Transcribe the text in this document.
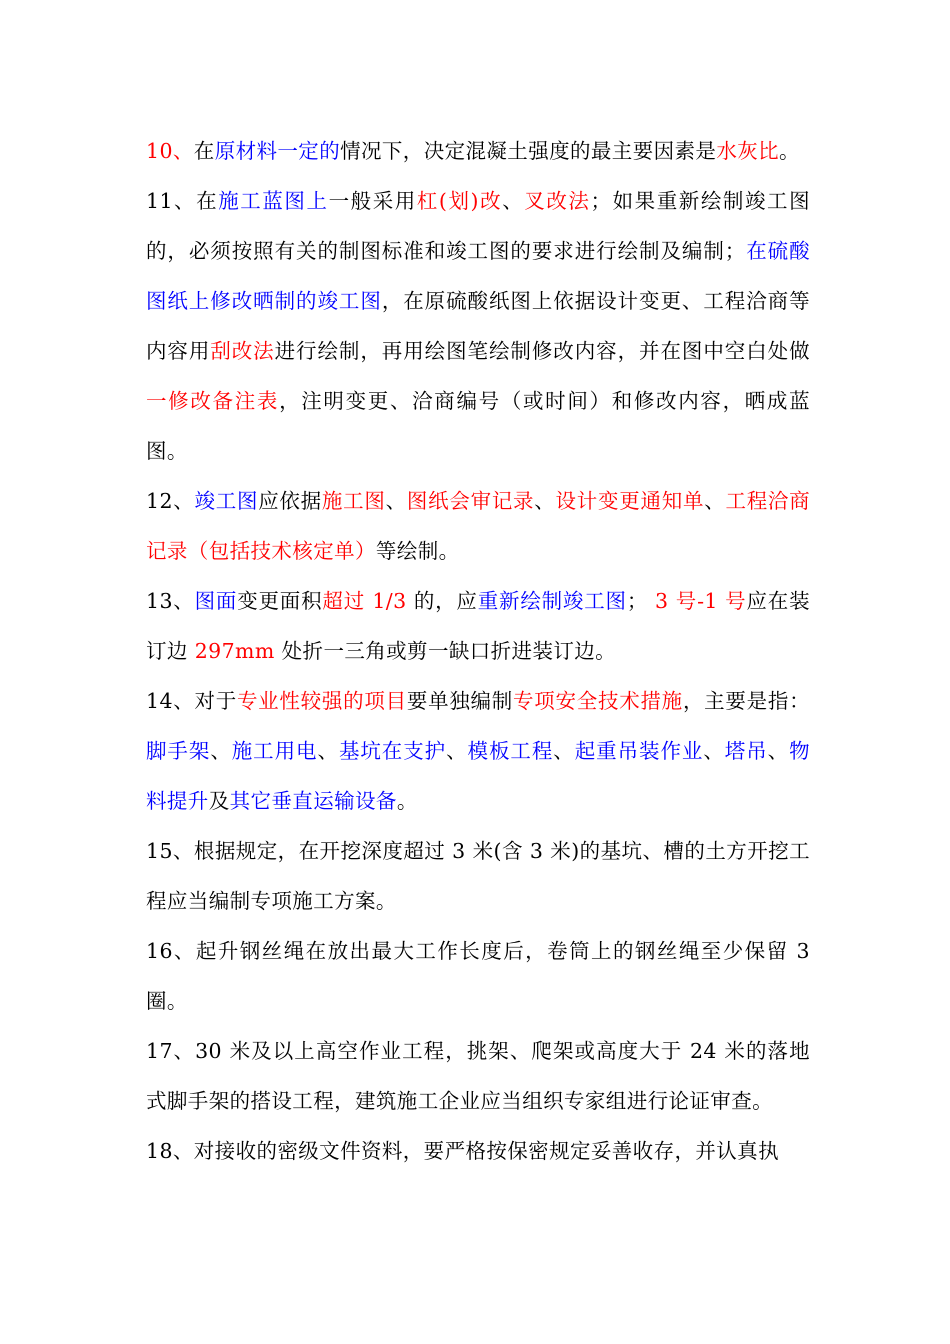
10、在原材料一定的情况下，决定混凝土强度的最主要因素是水灰比。

11、在施工蓝图上一般采用杠(划)改、叉改法；如果重新绘制竣工图的，必须按照有关的制图标准和竣工图的要求进行绘制及编制；在硫酸图纸上修改晒制的竣工图，在原硫酸纸图上依据设计变更、工程洽商等内容用刮改法进行绘制，再用绘图笔绘制修改内容，并在图中空白处做一修改备注表，注明变更、洽商编号（或时间）和修改内容，晒成蓝图。

12、竣工图应依据施工图、图纸会审记录、设计变更通知单、工程洽商记录（包括技术核定单）等绘制。

13、图面变更面积超过 1/3 的，应重新绘制竣工图； 3 号-1 号应在装订边 297mm 处折一三角或剪一缺口折进装订边。

14、对于专业性较强的项目要单独编制专项安全技术措施，主要是指：脚手架、施工用电、基坑在支护、模板工程、起重吊装作业、塔吊、物料提升及其它垂直运输设备。

15、根据规定，在开挖深度超过 3 米(含 3 米)的基坑、槽的土方开挖工程应当编制专项施工方案。

16、起升钢丝绳在放出最大工作长度后，卷筒上的钢丝绳至少保留 3 圈。

17、30 米及以上高空作业工程，挑架、爬架或高度大于 24 米的落地式脚手架的搭设工程，建筑施工企业应当组织专家组进行论证审查。

18、对接收的密级文件资料，要严格按保密规定妥善收存，并认真执
